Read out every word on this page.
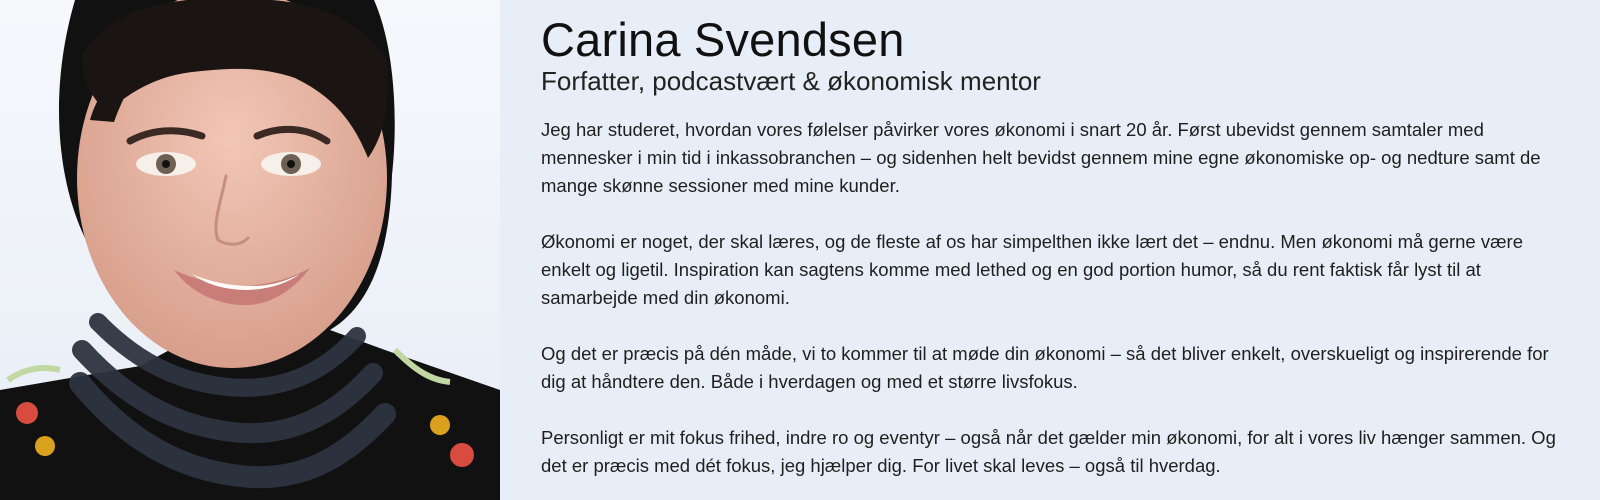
Carina Svendsen
Forfatter, podcastvært & økonomisk mentor

Jeg har studeret, hvordan vores følelser påvirker vores økonomi i snart 20 år. Først ubevidst gennem samtaler med mennesker i min tid i inkassobranchen – og sidenhen helt bevidst gennem mine egne økonomiske op- og nedture samt de mange skønne sessioner med mine kunder.

Økonomi er noget, der skal læres, og de fleste af os har simpelthen ikke lært det – endnu. Men økonomi må gerne være enkelt og ligetil. Inspiration kan sagtens komme med lethed og en god portion humor, så du rent faktisk får lyst til at samarbejde med din økonomi.

Og det er præcis på dén måde, vi to kommer til at møde din økonomi – så det bliver enkelt, overskueligt og inspirerende for dig at håndtere den. Både i hverdagen og med et større livsfokus.

Personligt er mit fokus frihed, indre ro og eventyr – også når det gælder min økonomi, for alt i vores liv hænger sammen. Og det er præcis med dét fokus, jeg hjælper dig. For livet skal leves – også til hverdag.
